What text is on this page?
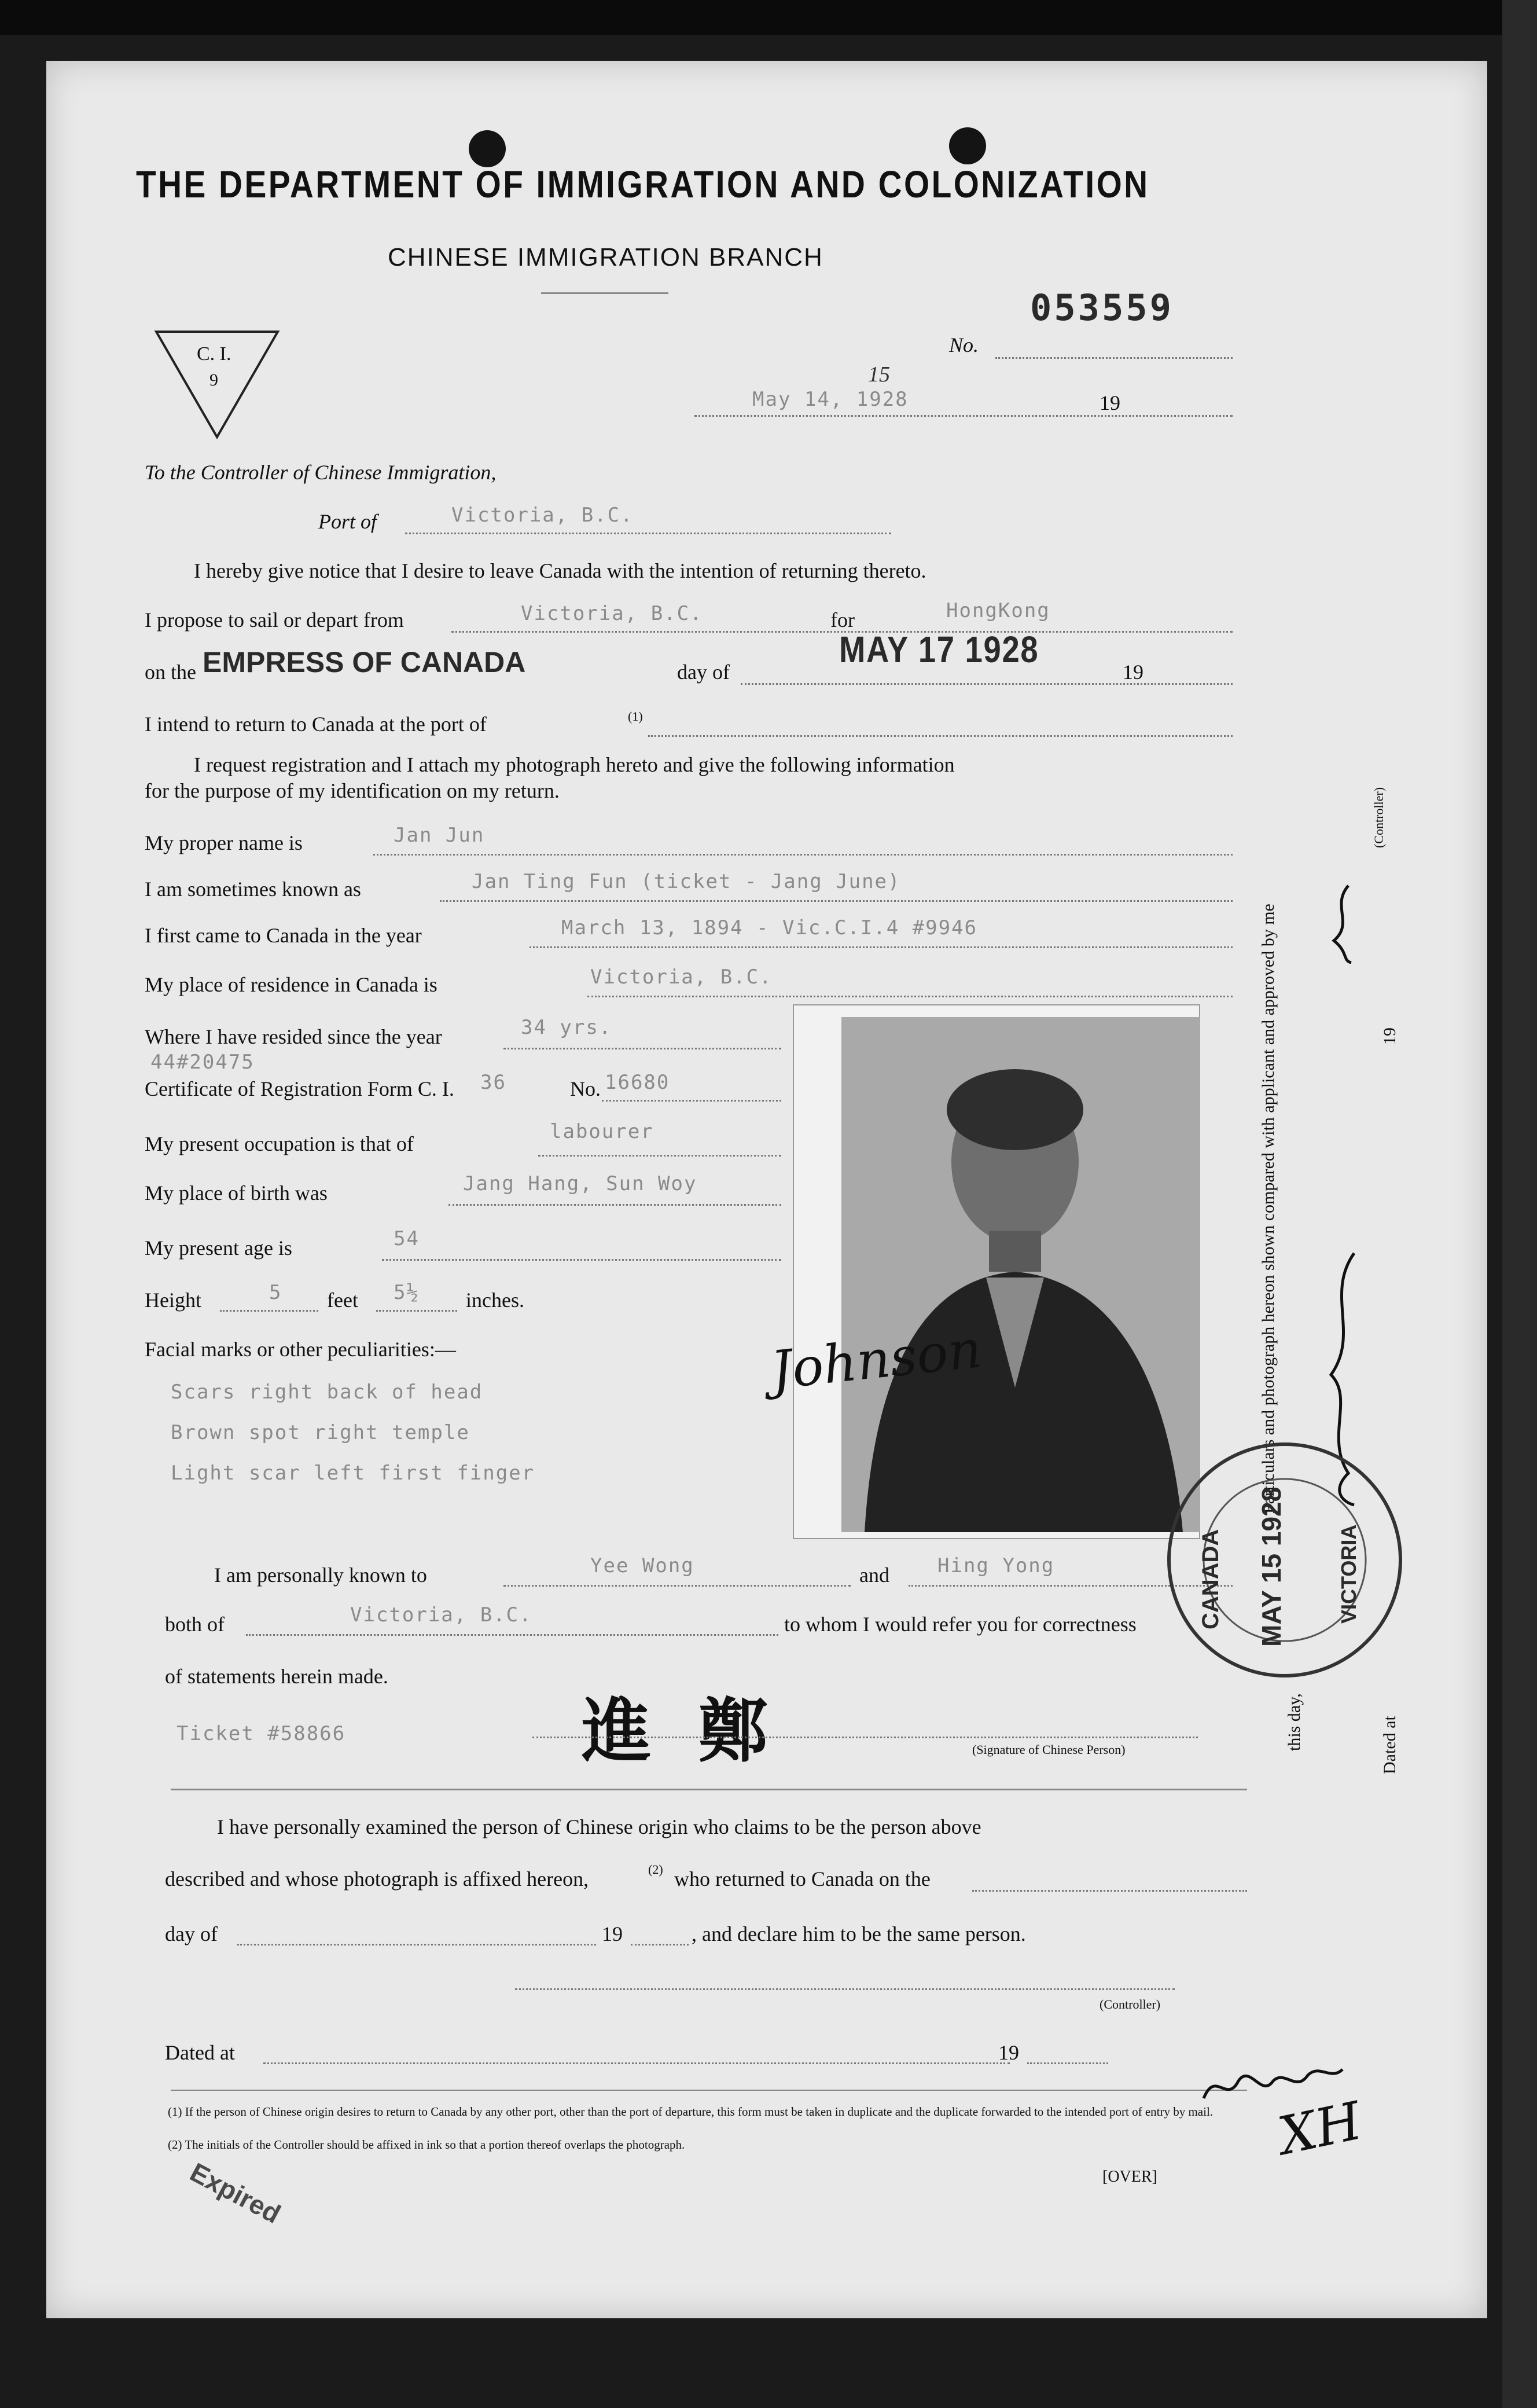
THE DEPARTMENT OF IMMIGRATION AND COLONIZATION
CHINESE IMMIGRATION BRANCH
C. I.
9
053559
No.
May 14, 1928
15
19
To the Controller of Chinese Immigration,
Port of	Victoria, B.C.
I hereby give notice that I desire to leave Canada with the intention of returning thereto.
I propose to sail or depart from	Victoria, B.C.	for	HongKong
on the EMPRESS OF CANADA	day of
MAY 17 1928
19
I intend to return to Canada at the port of	(1)
I request registration and I attach my photograph hereto and give the following information
for the purpose of my identification on my return.
My proper name is	Jan Jun
I am sometimes known as	Jan Ting Fun (ticket - Jang June)
I first came to Canada in the year	March 13, 1894 - Vic.C.I.4 #9946
My place of residence in Canada is	Victoria, B.C.
Where I have resided since the year	34 yrs.
44#20475
Certificate of Registration Form C. I. 36	No. 16680
My present occupation is that of
labourer
My place of birth was	Jang Hang, Sun Woy
My present age is	54
Height	5 feet 5½ inches.
Facial marks or other peculiarities:—
Scars right back of head
Brown spot right temple
Light scar left first finger
Johnson
I am personally known to	Yee Wong	and Hing Yong
both of	Victoria, B.C.	to whom I would refer you for correctness
of statements herein made.
Ticket #58866	進 鄭	(Signature of Chinese Person)
Particulars and photograph hereon shown compared with applicant and approved by me
this day,
19
(Controller)
Dated at
CANADA MAY 15 1928 VICTORIA
I have personally examined the person of Chinese origin who claims to be the person above
described and whose photograph is affixed hereon,	(2) who returned to Canada on the
day of	19	, and declare him to be the same person.
(Controller)
Dated at	19
(1) If the person of Chinese origin desires to return to Canada by any other port, other than the port of departure, this form must be taken in duplicate and the duplicate forwarded to the intended port of entry by mail.
(2) The initials of the Controller should be affixed in ink so that a portion thereof overlaps the photograph.
[OVER]
Expired
XH
